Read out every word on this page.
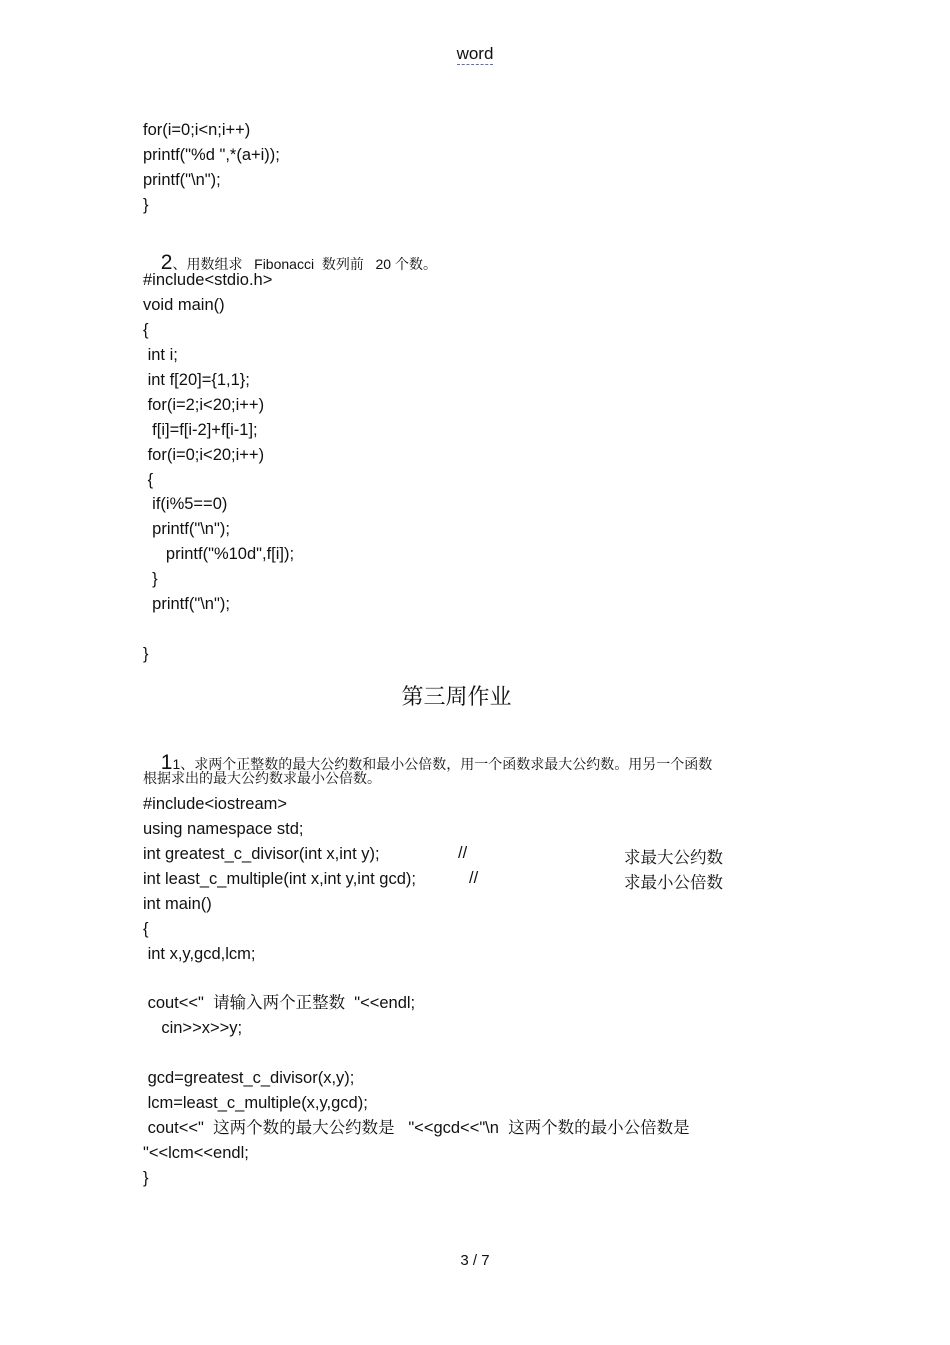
word
for(i=0;i<n;i++)
printf("%d ",*(a+i));
printf("\n");
}

2、用数组求   Fibonacci  数列前   20 个数。

#include<stdio.h>
void main()
{
int i;
int f[20]={1,1};
for(i=2;i<20;i++)
f[i]=f[i-2]+f[i-1];
for(i=0;i<20;i++)
{
if(i%5==0)
printf("\n");
printf("%10d",f[i]);
}
printf("\n");
}
第三周作业

11、求两个正整数的最大公约数和最小公倍数，用一个函数求最大公约数。用另一个函数

根据求出的最大公约数求最小公倍数。
#include<iostream>
using namespace std;
int greatest_c_divisor(int x,int y);
int least_c_multiple(int x,int y,int gcd);
int main()
{
int x,y,gcd,lcm;
cout<<"  请输入两个正整数  "<<endl;
cin>>x>>y;
gcd=greatest_c_divisor(x,y);
lcm=least_c_multiple(x,y,gcd);
cout<<"  这两个数的最大公约数是   "<<gcd<<"\n  这两个数的最小公倍数是
"<<lcm<<endl;
}
//	求最大公约数
//	求最小公倍数
3 / 7
